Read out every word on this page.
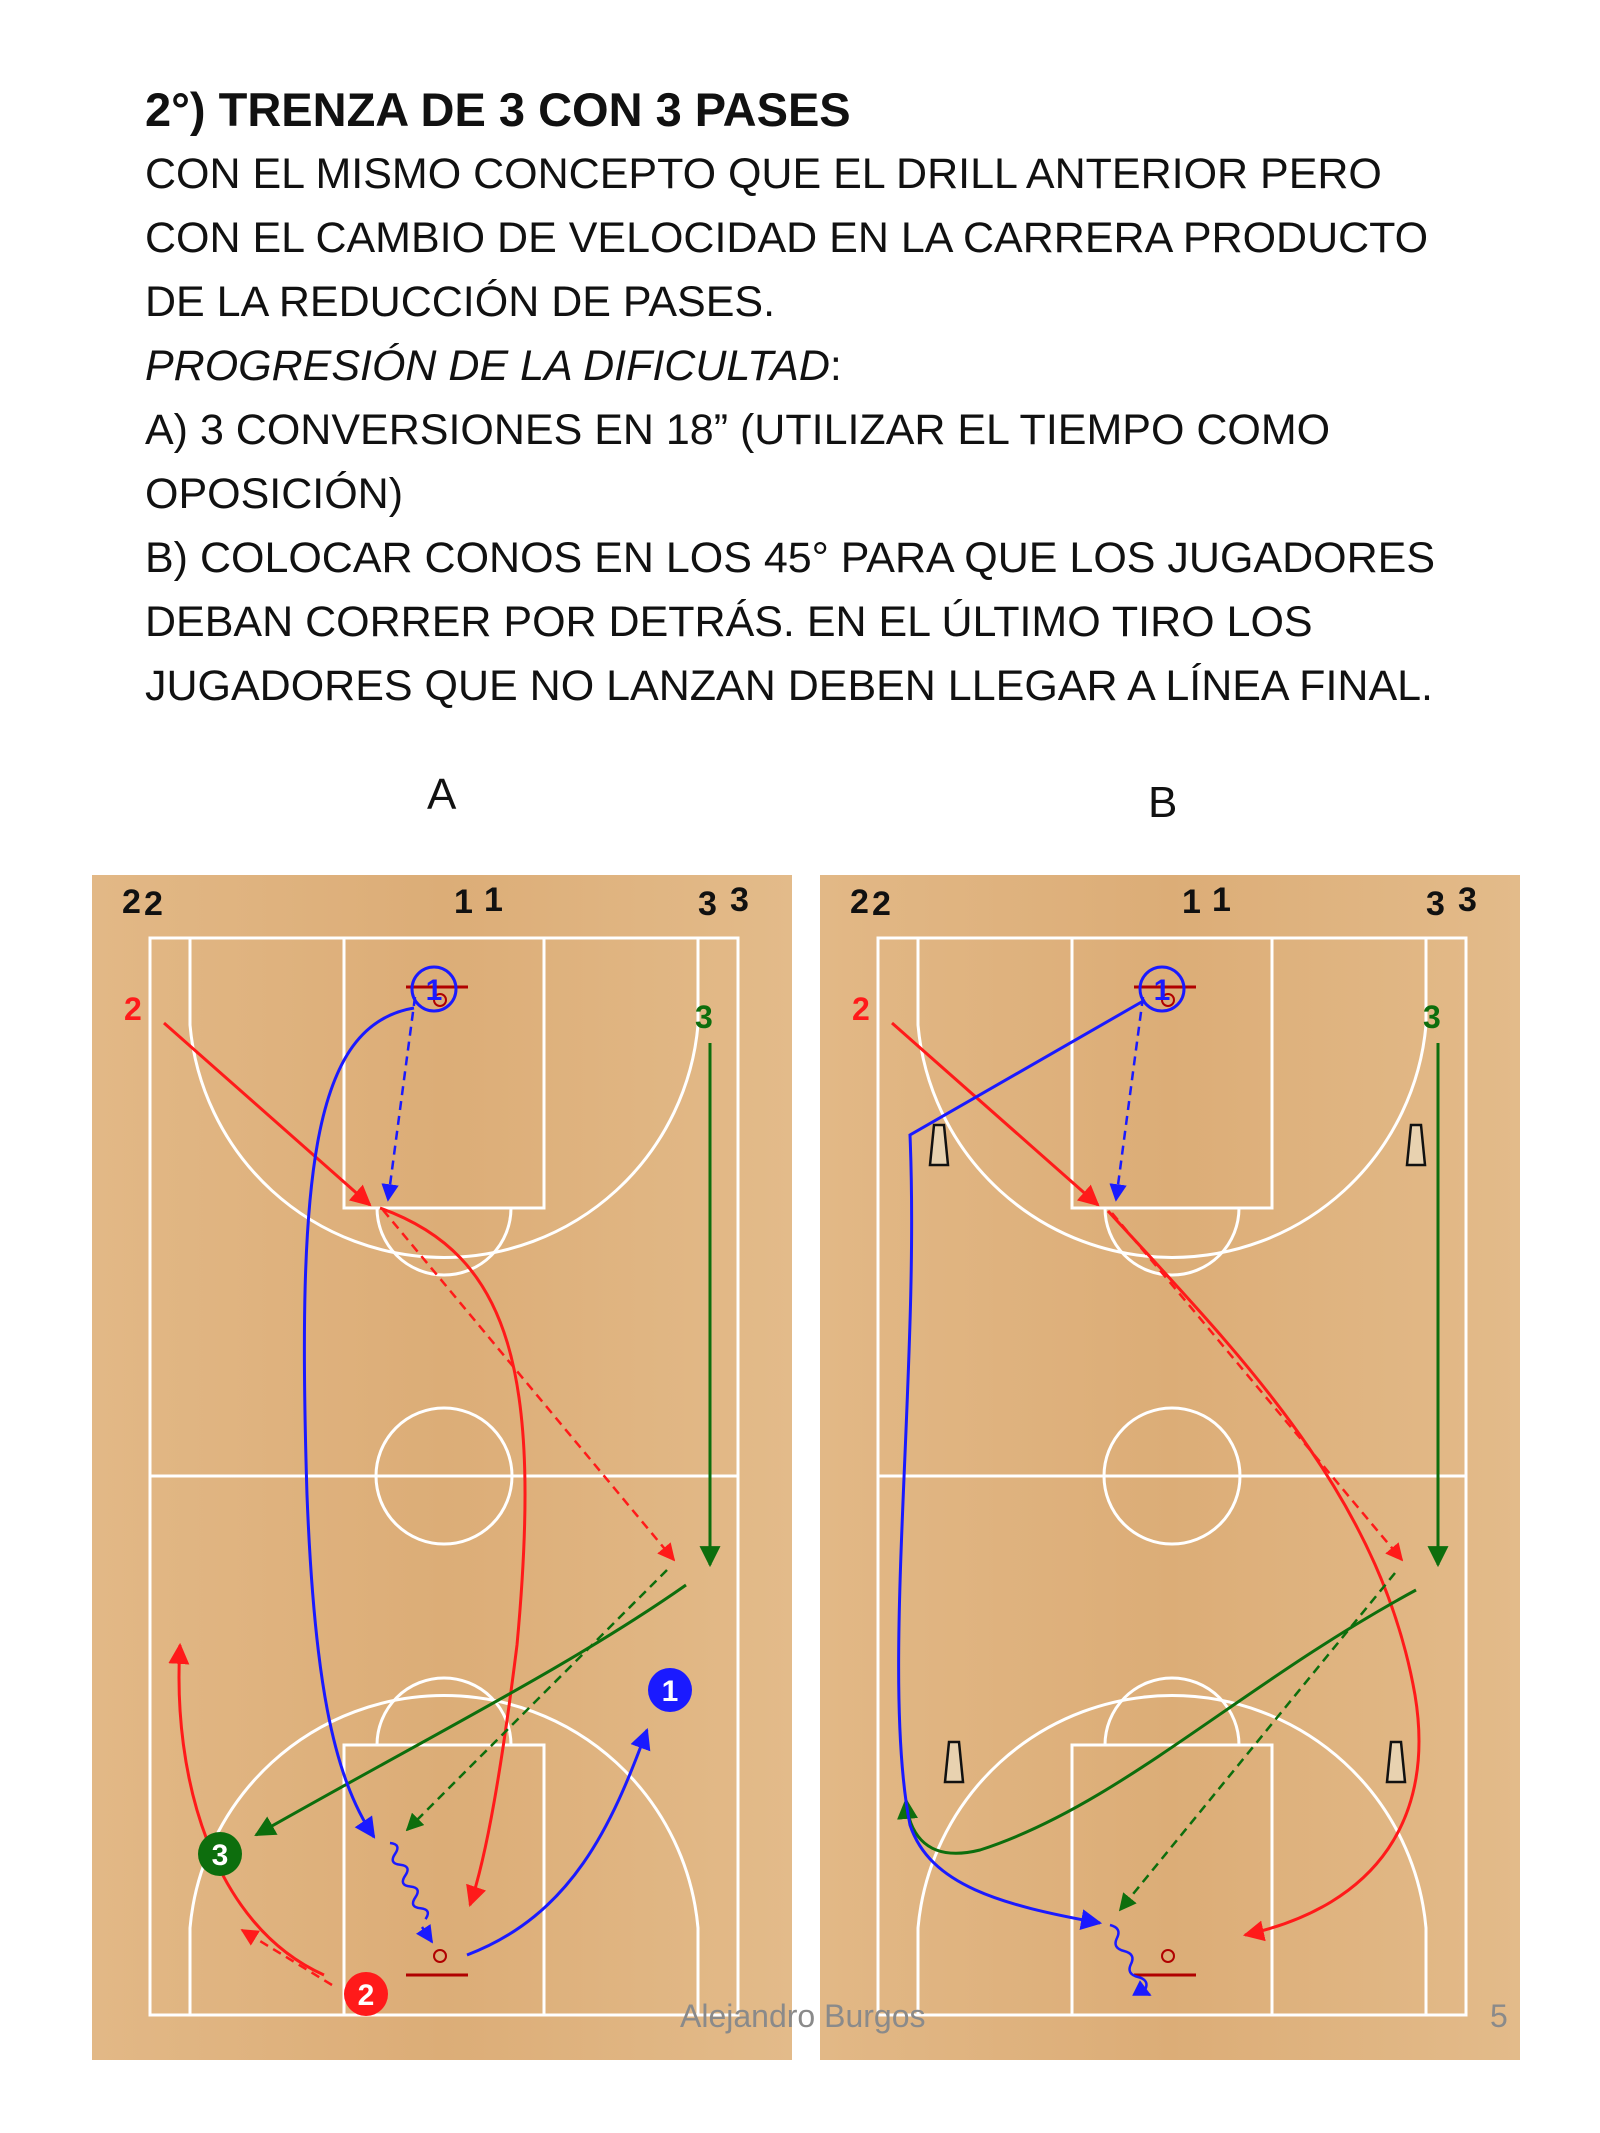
2°) TRENZA DE 3 CON 3 PASES

CON EL MISMO CONCEPTO QUE EL DRILL ANTERIOR PERO

CON EL CAMBIO DE VELOCIDAD EN LA CARRERA PRODUCTO

DE LA REDUCCIÓN DE PASES.

PROGRESIÓN DE LA DIFICULTAD:

A) 3 CONVERSIONES EN 18” (UTILIZAR EL TIEMPO COMO

OPOSICIÓN)

B) COLOCAR CONOS EN LOS 45° PARA QUE LOS JUGADORES

DEBAN CORRER POR DETRÁS. EN EL ÚLTIMO TIRO LOS

JUGADORES QUE NO LANZAN DEBEN LLEGAR A LÍNEA FINAL.

A	B
2 2	1 1	3 3
2	3
1
1
3
2
2 2	1 1	3 3
2	3
1
Alejandro Burgos	5
